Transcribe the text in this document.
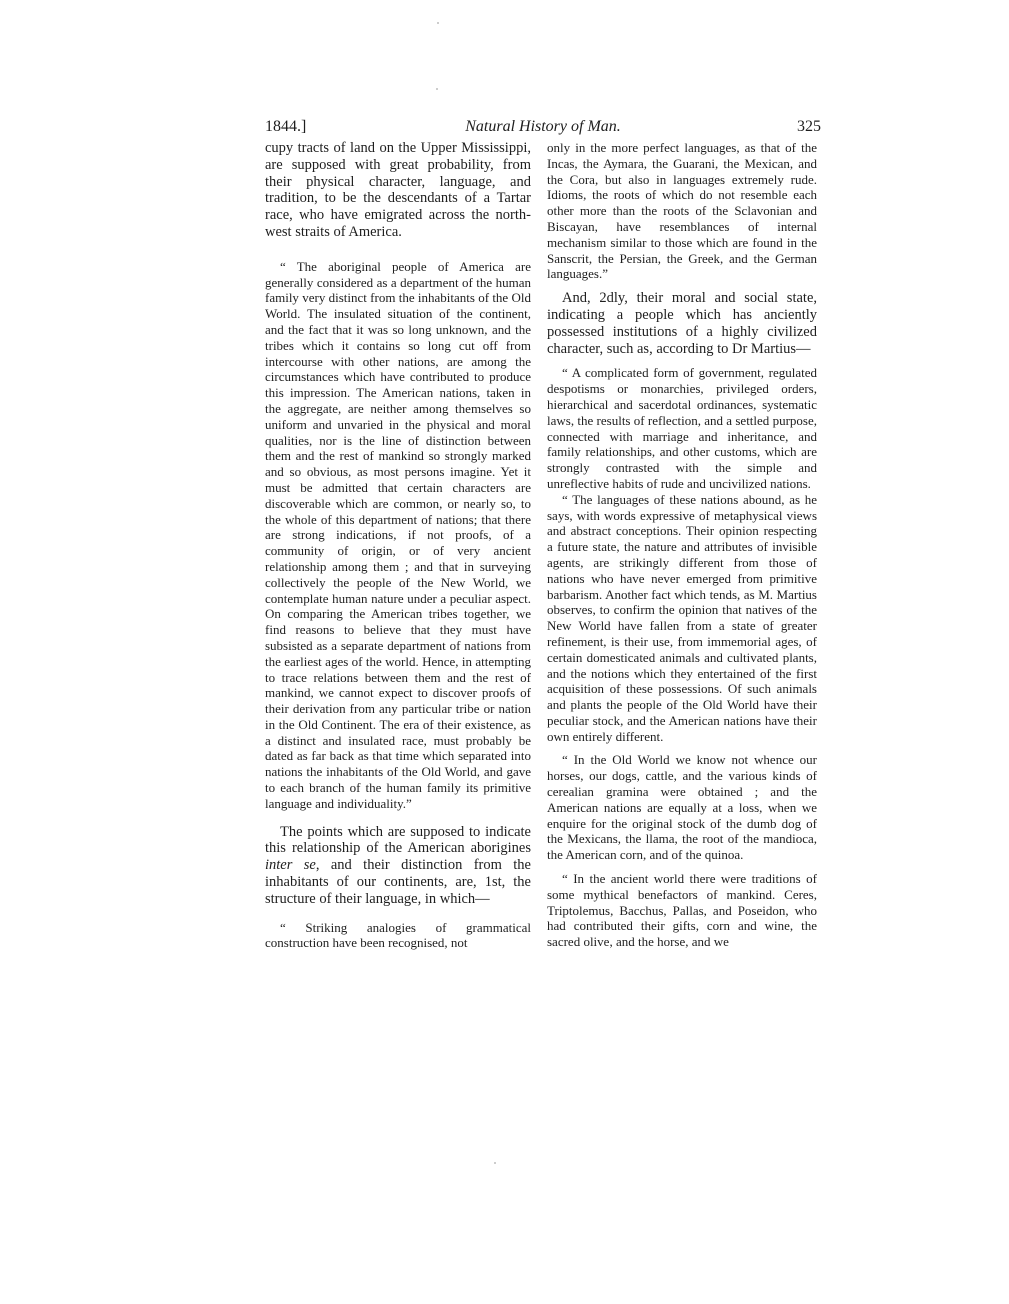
1844.]	Natural History of Man.	325

cupy tracts of land on the Upper Mississippi, are supposed with great probability, from their physical character, language, and tradition, to be the descendants of a Tartar race, who have emigrated across the north-west straits of America.

“ The aboriginal people of America are generally considered as a department of the human family very distinct from the inhabitants of the Old World. The insulated situation of the continent, and the fact that it was so long unknown, and the tribes which it contains so long cut off from intercourse with other nations, are among the circumstances which have contributed to produce this impression. The American nations, taken in the aggregate, are neither among themselves so uniform and unvaried in the physical and moral qualities, nor is the line of distinction between them and the rest of mankind so strongly marked and so obvious, as most persons imagine. Yet it must be admitted that certain characters are discoverable which are common, or nearly so, to the whole of this department of nations; that there are strong indications, if not proofs, of a community of origin, or of very ancient relationship among them ; and that in surveying collectively the people of the New World, we contemplate human nature under a peculiar aspect. On comparing the American tribes together, we find reasons to believe that they must have subsisted as a separate department of nations from the earliest ages of the world. Hence, in attempting to trace relations between them and the rest of mankind, we cannot expect to discover proofs of their derivation from any particular tribe or nation in the Old Continent. The era of their existence, as a distinct and insulated race, must probably be dated as far back as that time which separated into nations the inhabitants of the Old World, and gave to each branch of the human family its primitive language and individuality.”

The points which are supposed to indicate this relationship of the American aborigines inter se, and their distinction from the inhabitants of our continents, are, 1st, the structure of their language, in which—

“ Striking analogies of grammatical construction have been recognised, not

only in the more perfect languages, as that of the Incas, the Aymara, the Guarani, the Mexican, and the Cora, but also in languages extremely rude. Idioms, the roots of which do not resemble each other more than the roots of the Sclavonian and Biscayan, have resemblances of internal mechanism similar to those which are found in the Sanscrit, the Persian, the Greek, and the German languages.”

And, 2dly, their moral and social state, indicating a people which has anciently possessed institutions of a highly civilized character, such as, according to Dr Martius—

“ A complicated form of government, regulated despotisms or monarchies, privileged orders, hierarchical and sacerdotal ordinances, systematic laws, the results of reflection, and a settled purpose, connected with marriage and inheritance, and family relationships, and other customs, which are strongly contrasted with the simple and unreflective habits of rude and uncivilized nations.

“ The languages of these nations abound, as he says, with words expressive of metaphysical views and abstract conceptions. Their opinion respecting a future state, the nature and attributes of invisible agents, are strikingly different from those of nations who have never emerged from primitive barbarism. Another fact which tends, as M. Martius observes, to confirm the opinion that natives of the New World have fallen from a state of greater refinement, is their use, from immemorial ages, of certain domesticated animals and cultivated plants, and the notions which they entertained of the first acquisition of these possessions. Of such animals and plants the people of the Old World have their peculiar stock, and the American nations have their own entirely different.

“ In the Old World we know not whence our horses, our dogs, cattle, and the various kinds of cerealian gramina were obtained ; and the American nations are equally at a loss, when we enquire for the original stock of the dumb dog of the Mexicans, the llama, the root of the mandioca, the American corn, and of the quinoa.

“ In the ancient world there were traditions of some mythical benefactors of mankind. Ceres, Triptolemus, Bacchus, Pallas, and Poseidon, who had contributed their gifts, corn and wine, the sacred olive, and the horse, and we
